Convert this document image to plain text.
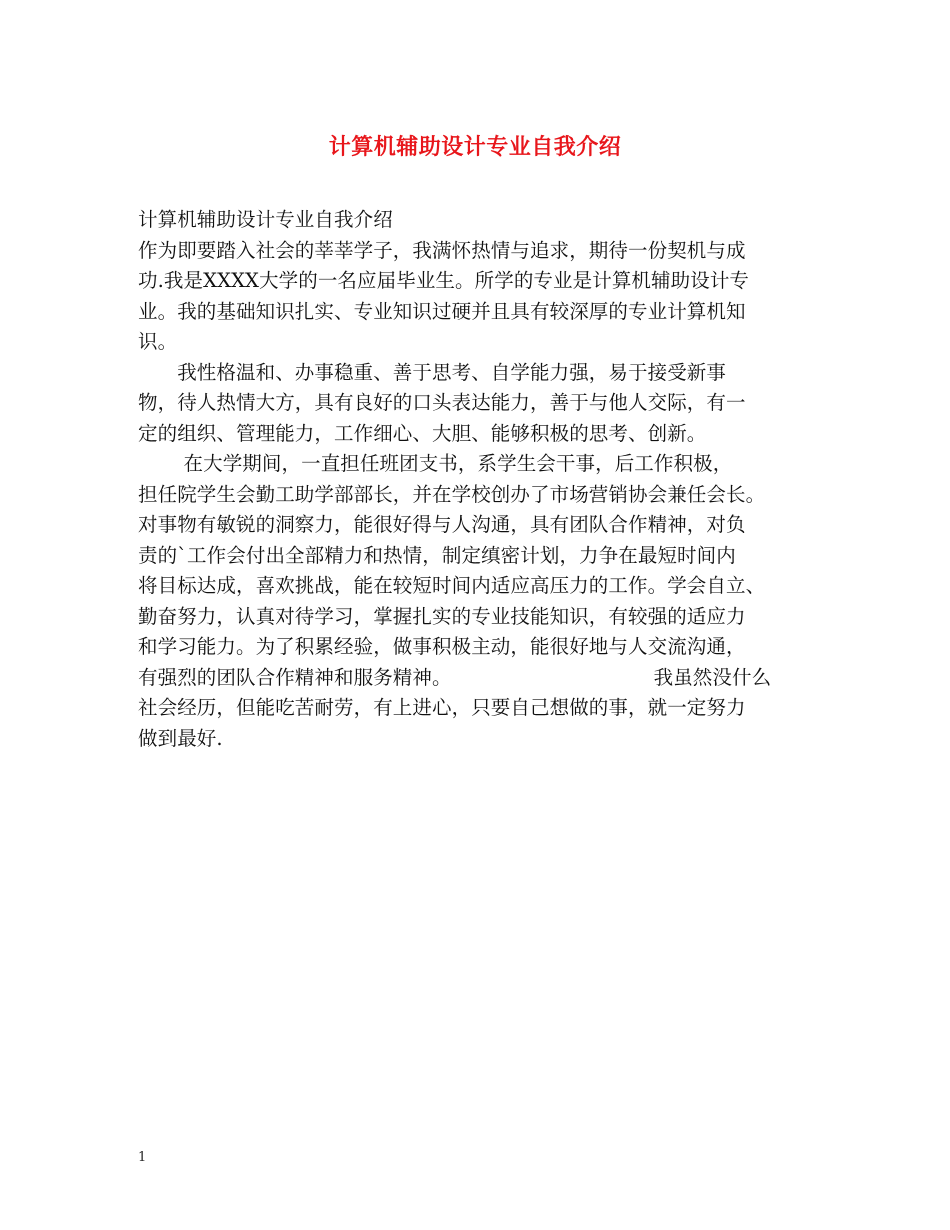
计算机辅助设计专业自我介绍
计算机辅助设计专业自我介绍
作为即要踏入社会的莘莘学子，我满怀热情与追求，期待一份契机与成
功.我是XXXX大学的一名应届毕业生。所学的专业是计算机辅助设计专
业。我的基础知识扎实、专业知识过硬并且具有较深厚的专业计算机知
识。
　　我性格温和、办事稳重、善于思考、自学能力强，易于接受新事
物，待人热情大方，具有良好的口头表达能力，善于与他人交际，有一
定的组织、管理能力，工作细心、大胆、能够积极的思考、创新。
　　 在大学期间，一直担任班团支书，系学生会干事，后工作积极，
担任院学生会勤工助学部部长，并在学校创办了市场营销协会兼任会长。
对事物有敏锐的洞察力，能很好得与人沟通，具有团队合作精神，对负
责的`工作会付出全部精力和热情，制定缜密计划，力争在最短时间内
将目标达成，喜欢挑战，能在较短时间内适应高压力的工作。学会自立、
勤奋努力，认真对待学习，掌握扎实的专业技能知识，有较强的适应力
和学习能力。为了积累经验，做事积极主动，能很好地与人交流沟通，
有强烈的团队合作精神和服务精神。	我虽然没什么
社会经历，但能吃苦耐劳，有上进心，只要自己想做的事，就一定努力
做到最好.
1
